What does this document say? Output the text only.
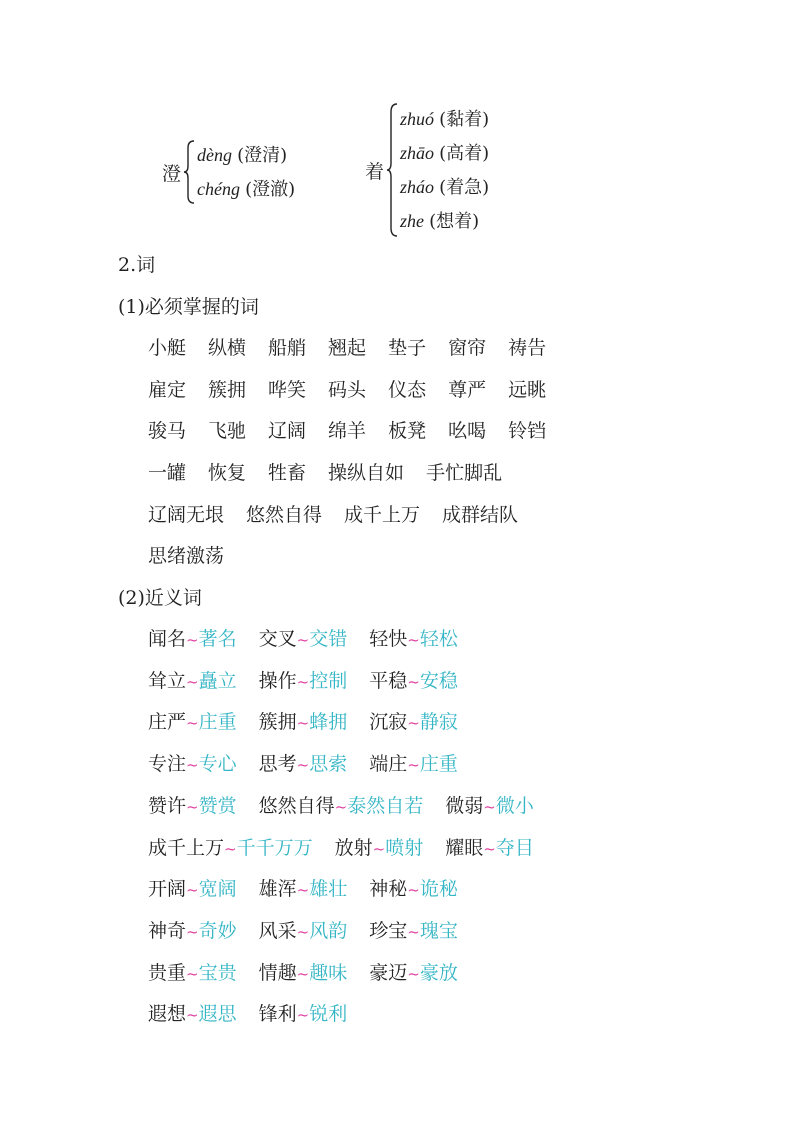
澄
dèng (澄清)
chéng (澄澈)
着
zhuó (黏着)
zhāo (高着)
zháo (着急)
zhe (想着)
2.词
(1)必须掌握的词
小艇 纵横 船艄 翘起 垫子 窗帘 祷告
雇定 簇拥 哗笑 码头 仪态 尊严 远眺
骏马 飞驰 辽阔 绵羊 板凳 吆喝 铃铛
一罐 恢复 牲畜 操纵自如 手忙脚乱
辽阔无垠 悠然自得 成千上万 成群结队
思绪激荡
(2)近义词
闻名~著名 交叉~交错 轻快~轻松
耸立~矗立 操作~控制 平稳~安稳
庄严~庄重 簇拥~蜂拥 沉寂~静寂
专注~专心 思考~思索 端庄~庄重
赞许~赞赏 悠然自得~泰然自若 微弱~微小
成千上万~千千万万 放射~喷射 耀眼~夺目
开阔~宽阔 雄浑~雄壮 神秘~诡秘
神奇~奇妙 风采~风韵 珍宝~瑰宝
贵重~宝贵 情趣~趣味 豪迈~豪放
遐想~遐思 锋利~锐利
